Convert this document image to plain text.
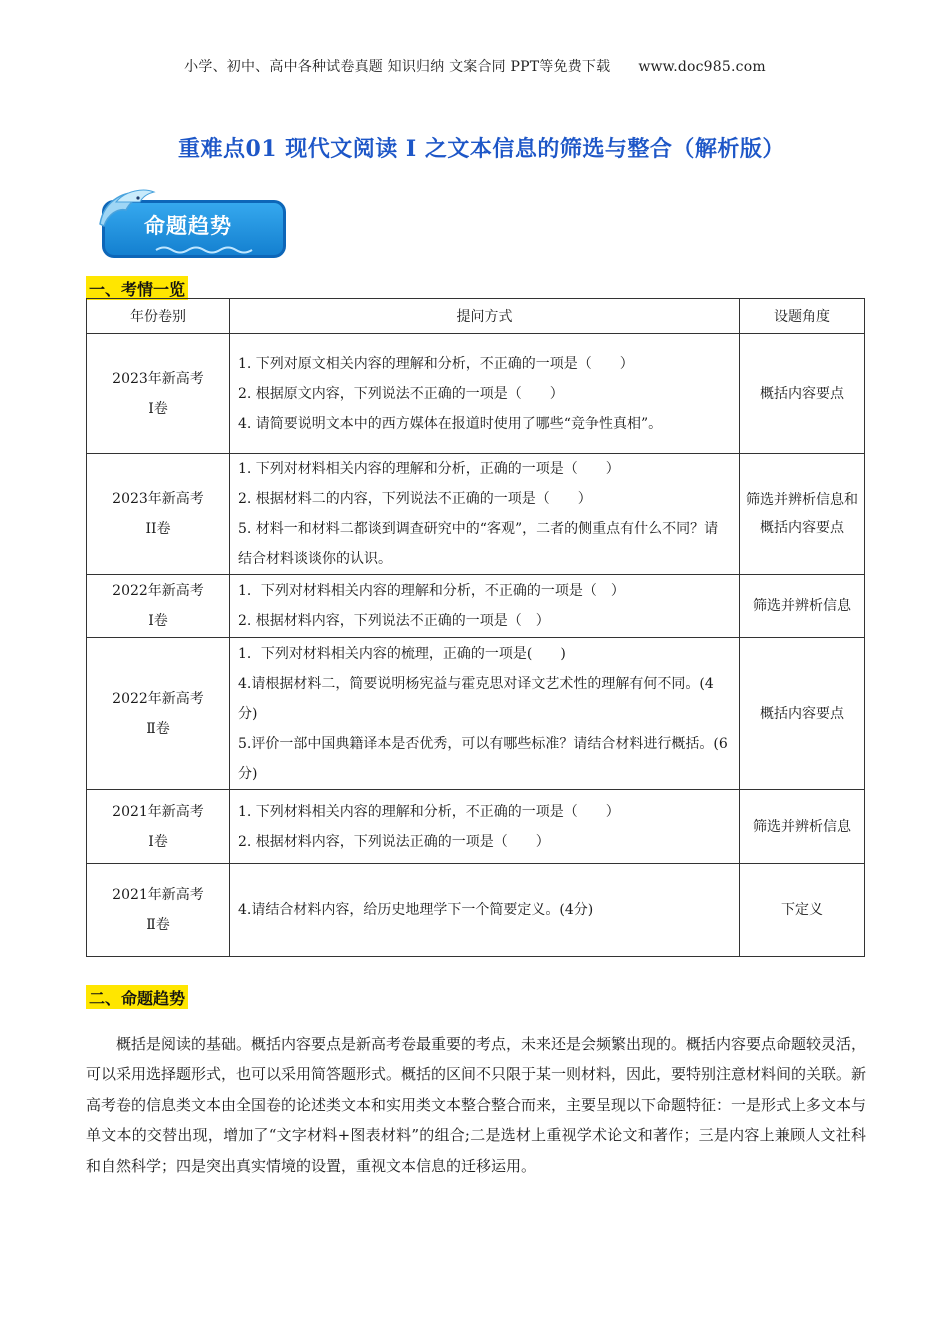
小学、初中、高中各种试卷真题 知识归纳 文案合同 PPT等免费下载 www.doc985.com
重难点01 现代文阅读 I 之文本信息的筛选与整合（解析版）
命题趋势
一、考情一览
年份卷别	提问方式	设题角度

2023年新高考
I卷	1. 下列对原文相关内容的理解和分析，不正确的一项是（　　）
2. 根据原文内容，下列说法不正确的一项是（　　）
4. 请简要说明文本中的西方媒体在报道时使用了哪些“竞争性真相”。	概括内容要点

2023年新高考
II卷	1. 下列对材料相关内容的理解和分析，正确的一项是（　　）
2. 根据材料二的内容，下列说法不正确的一项是（　　）
5. 材料一和材料二都谈到调查研究中的“客观”，二者的侧重点有什么不同？请结合材料谈谈你的认识。	筛选并辨析信息和概括内容要点

2022年新高考
I卷	1．下列对材料相关内容的理解和分析，不正确的一项是（　）
2. 根据材料内容，下列说法不正确的一项是（　）	筛选并辨析信息

2022年新高考
Ⅱ卷	1．下列对材料相关内容的梳理，正确的一项是(　　)
4.请根据材料二，简要说明杨宪益与霍克思对译文艺术性的理解有何不同。(4分)
5.评价一部中国典籍译本是否优秀，可以有哪些标准？请结合材料进行概括。(6分)	概括内容要点

2021年新高考
Ⅰ卷	1. 下列材料相关内容的理解和分析，不正确的一项是（　　）
2. 根据材料内容，下列说法正确的一项是（　　）	筛选并辨析信息

2021年新高考
Ⅱ卷	4.请结合材料内容，给历史地理学下一个简要定义。(4分)	下定义
二、命题趋势

概括是阅读的基础。概括内容要点是新高考卷最重要的考点，未来还是会频繁出现的。概括内容要点命题较灵活，可以采用选择题形式，也可以采用简答题形式。概括的区间不只限于某一则材料，因此，要特别注意材料间的关联。新高考卷的信息类文本由全国卷的论述类文本和实用类文本整合整合而来，主要呈现以下命题特征：一是形式上多文本与单文本的交替出现，增加了“文字材料+图表材料”的组合;二是选材上重视学术论文和著作；三是内容上兼顾人文社科和自然科学；四是突出真实情境的设置，重视文本信息的迁移运用。
